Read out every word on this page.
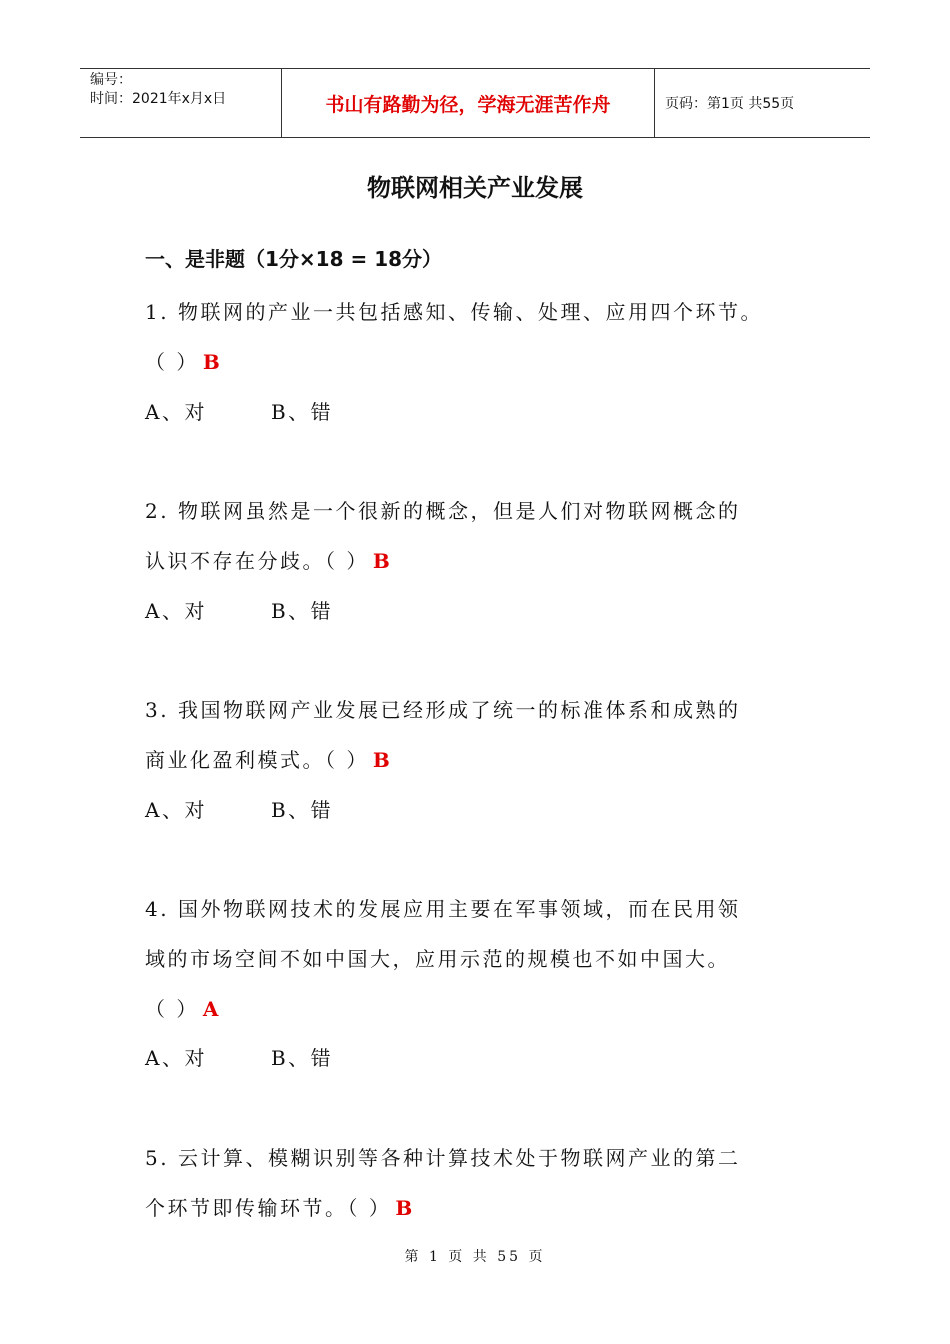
编号：
时间：2021年x月x日	书山有路勤为径，学海无涯苦作舟	页码：第1页 共55页
物联网相关产业发展
一、是非题（1分×18 = 18分）
1. 物联网的产业一共包括感知、传输、处理、应用四个环节。
（ ） B
A、对	B、错
2. 物联网虽然是一个很新的概念，但是人们对物联网概念的
认识不存在分歧。（ ） B
A、对	B、错
3. 我国物联网产业发展已经形成了统一的标准体系和成熟的
商业化盈利模式。（ ） B
A、对	B、错
4. 国外物联网技术的发展应用主要在军事领域，而在民用领
域的市场空间不如中国大，应用示范的规模也不如中国大。
（ ） A
A、对	B、错
5. 云计算、模糊识别等各种计算技术处于物联网产业的第二
个环节即传输环节。（ ） B
第 1 页 共 55 页
